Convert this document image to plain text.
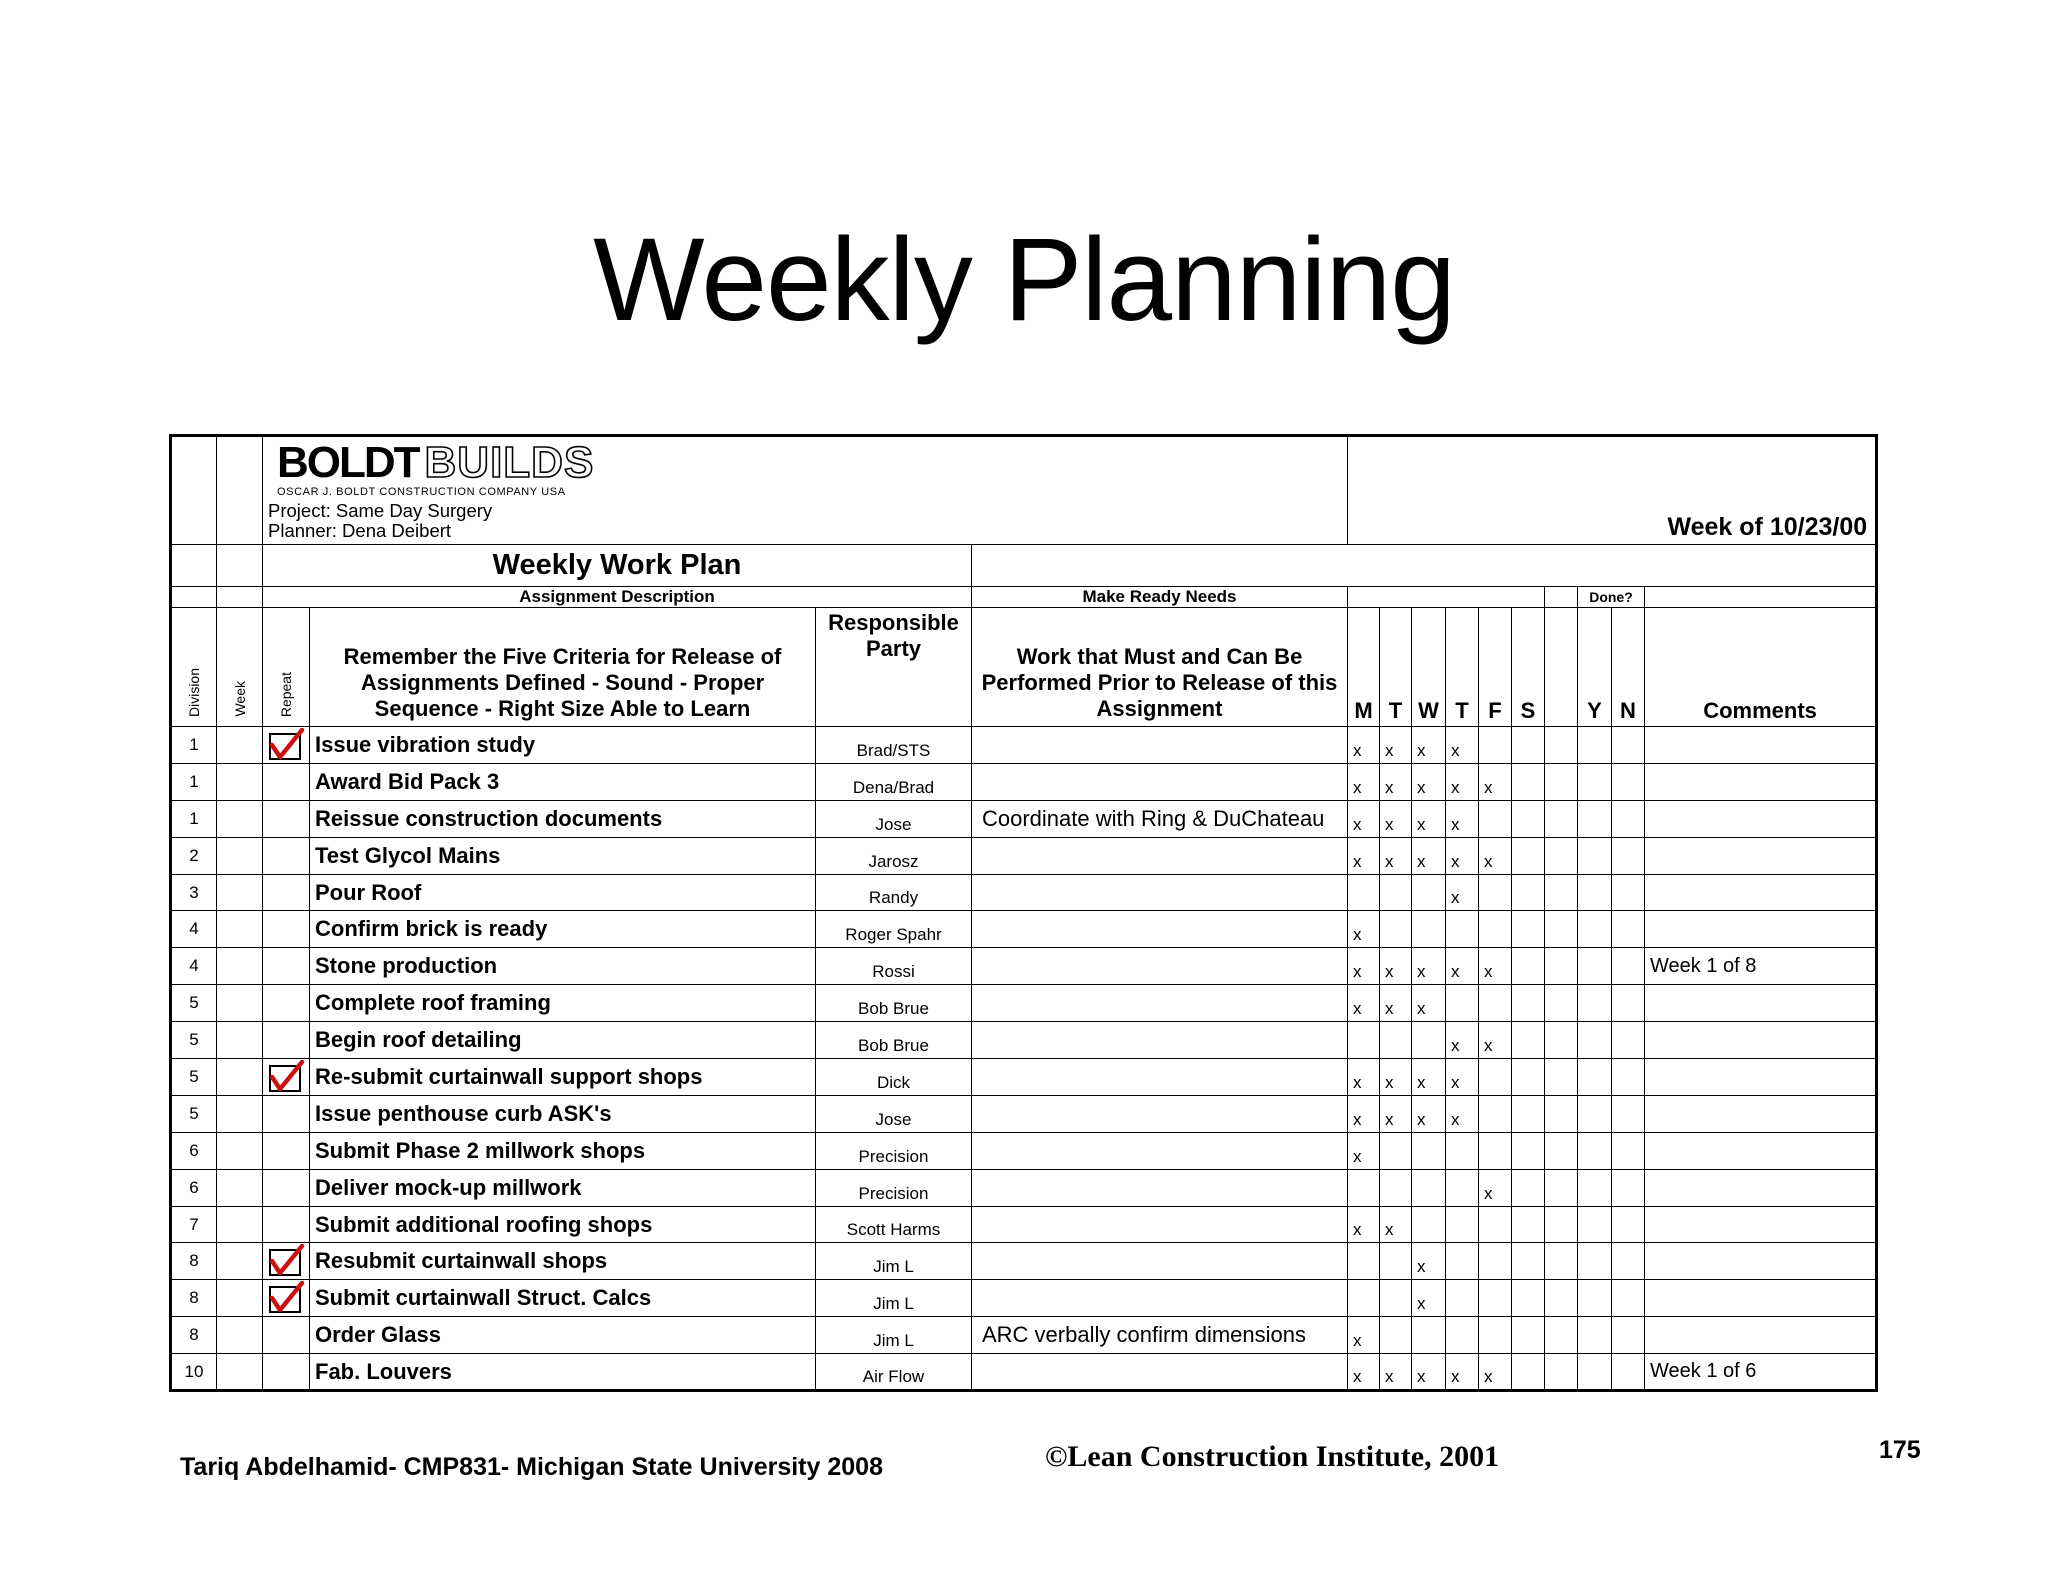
Weekly Planning

		BOLDT BUILDS
OSCAR J. BOLDT CONSTRUCTION COMPANY USA
Project: Same Day Surgery
Planner: Dena Deibert				Week of 10/23/00									
		Weekly Work Plan													
		Assignment Description			Make Ready Needs								Done?		
Division	Week	Repeat	Remember the Five Criteria for Release of Assignments Defined - Sound - Proper Sequence - Right Size Able to Learn	Responsible Party	Work that Must and Can Be Performed Prior to Release of this Assignment	M	T	W	T	F	S		Y	N	Comments
1			Issue vibration study	Brad/STS		x	x	x	x						
1			Award Bid Pack 3	Dena/Brad		x	x	x	x	x					
1			Reissue construction documents	Jose	Coordinate with Ring & DuChateau	x	x	x	x						
2			Test Glycol Mains	Jarosz		x	x	x	x	x					
3			Pour Roof	Randy					x						
4			Confirm brick is ready	Roger Spahr		x									
4			Stone production	Rossi		x	x	x	x	x					Week 1 of 8
5			Complete roof framing	Bob Brue		x	x	x							
5			Begin roof detailing	Bob Brue					x	x					
5			Re-submit curtainwall support shops	Dick		x	x	x	x						
5			Issue penthouse curb ASK's	Jose		x	x	x	x						
6			Submit Phase 2 millwork shops	Precision		x									
6			Deliver mock-up millwork	Precision						x					
7			Submit additional roofing shops	Scott Harms		x	x								
8			Resubmit curtainwall shops	Jim L				x							
8			Submit curtainwall Struct. Calcs	Jim L				x							
8			Order Glass	Jim L	ARC verbally confirm dimensions	x									
10			Fab. Louvers	Air Flow		x	x	x	x	x					Week 1 of 6
Tariq Abdelhamid- CMP831- Michigan State University 2008	©Lean Construction Institute, 2001	175
